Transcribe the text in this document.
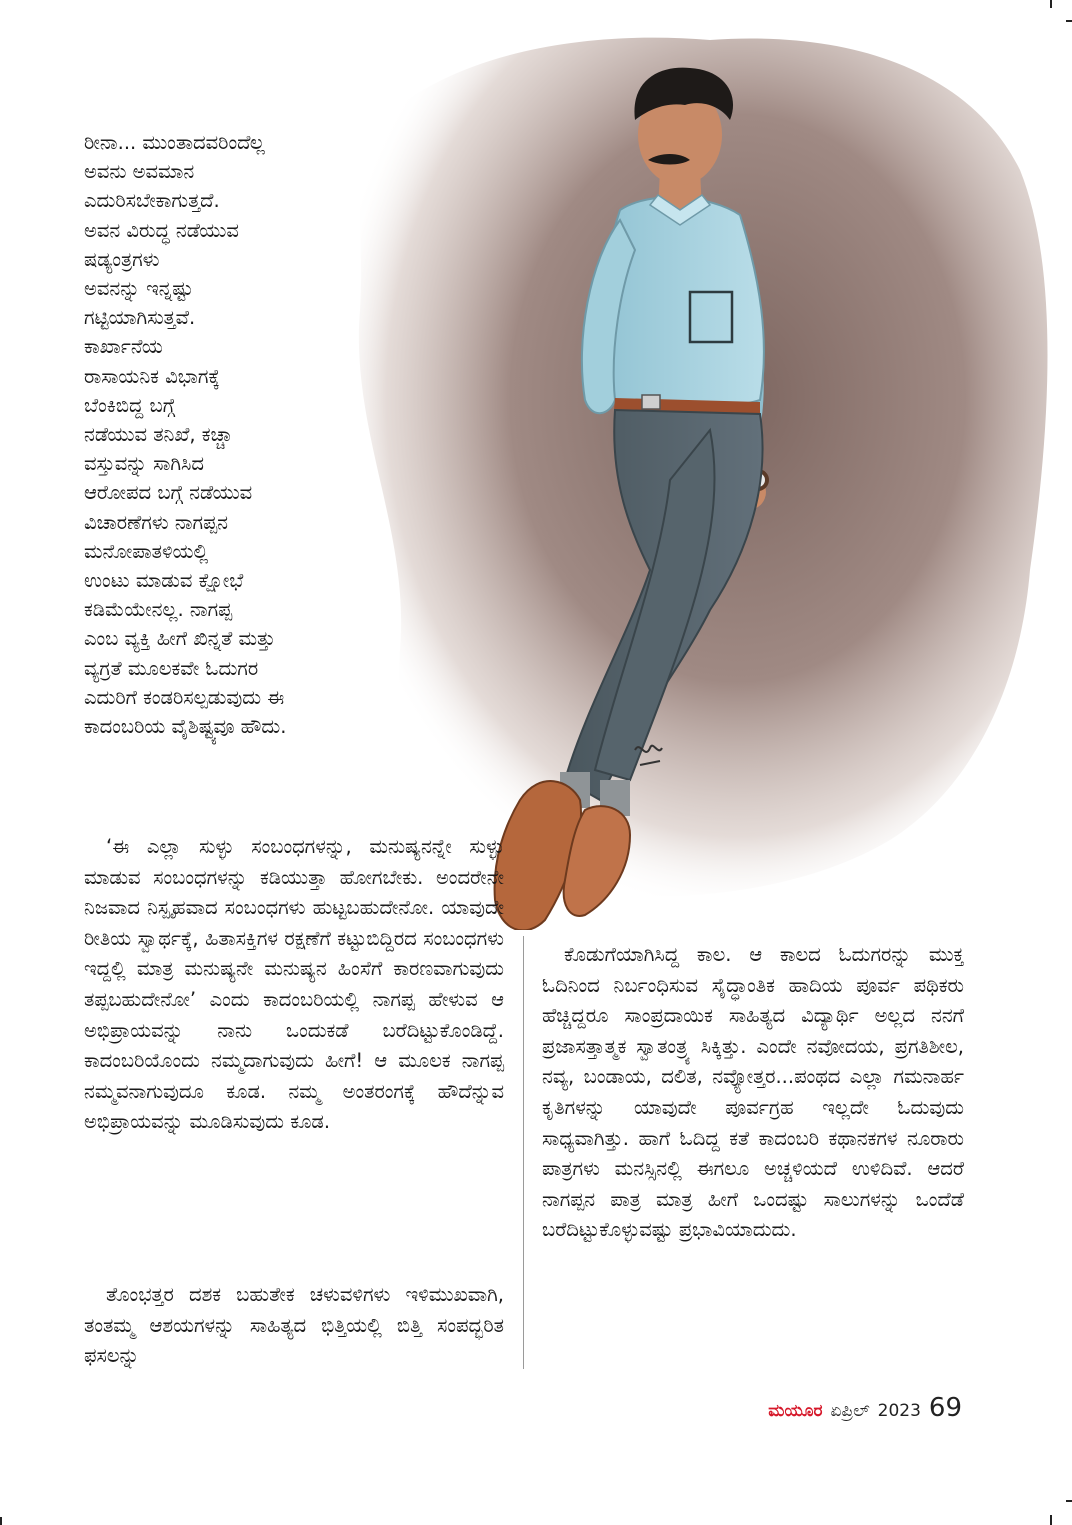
ರೀನಾ... ಮುಂತಾದವರಿಂದೆಲ್ಲ
ಅವನು ಅವಮಾನ
ಎದುರಿಸಬೇಕಾಗುತ್ತದೆ.
ಅವನ ವಿರುದ್ಧ ನಡೆಯುವ
ಷಡ್ಯಂತ್ರಗಳು
ಅವನನ್ನು ಇನ್ನಷ್ಟು
ಗಟ್ಟಿಯಾಗಿಸುತ್ತವೆ.
ಕಾರ್ಖಾನೆಯ
ರಾಸಾಯನಿಕ ವಿಭಾಗಕ್ಕೆ
ಬೆಂಕಿಬಿದ್ದ ಬಗ್ಗೆ
ನಡೆಯುವ ತನಿಖೆ, ಕಚ್ಚಾ
ವಸ್ತುವನ್ನು ಸಾಗಿಸಿದ
ಆರೋಪದ ಬಗ್ಗೆ ನಡೆಯುವ
ವಿಚಾರಣೆಗಳು ನಾಗಪ್ಪನ
ಮನೋಪಾತಳಿಯಲ್ಲಿ
ಉಂಟು ಮಾಡುವ ಕ್ಷೋಭೆ
ಕಡಿಮೆಯೇನಲ್ಲ. ನಾಗಪ್ಪ
ಎಂಬ ವ್ಯಕ್ತಿ ಹೀಗೆ ಖಿನ್ನತೆ ಮತ್ತು
ವ್ಯಗ್ರತೆ ಮೂಲಕವೇ ಓದುಗರ
ಎದುರಿಗೆ ಕಂಡರಿಸಲ್ಪಡುವುದು ಈ
ಕಾದಂಬರಿಯ ವೈಶಿಷ್ಟ್ಯವೂ ಹೌದು.
‘ಈ ಎಲ್ಲಾ ಸುಳ್ಳು ಸಂಬಂಧಗಳನ್ನು, ಮನುಷ್ಯನನ್ನೇ ಸುಳ್ಳು ಮಾಡುವ ಸಂಬಂಧಗಳನ್ನು ಕಡಿಯುತ್ತಾ ಹೋಗಬೇಕು. ಅಂದರೇನೇ ನಿಜವಾದ ನಿಸ್ಪೃಹವಾದ ಸಂಬಂಧಗಳು ಹುಟ್ಟಬಹುದೇನೋ. ಯಾವುದೇ ರೀತಿಯ ಸ್ವಾರ್ಥಕ್ಕೆ, ಹಿತಾಸಕ್ತಿಗಳ ರಕ್ಷಣೆಗೆ ಕಟ್ಟುಬಿದ್ದಿರದ ಸಂಬಂಧಗಳು ಇದ್ದಲ್ಲಿ ಮಾತ್ರ ಮನುಷ್ಯನೇ ಮನುಷ್ಯನ ಹಿಂಸೆಗೆ ಕಾರಣವಾಗುವುದು ತಪ್ಪಬಹುದೇನೋ’ ಎಂದು ಕಾದಂಬರಿಯಲ್ಲಿ ನಾಗಪ್ಪ ಹೇಳುವ ಆ ಅಭಿಪ್ರಾಯವನ್ನು ನಾನು ಒಂದುಕಡೆ ಬರೆದಿಟ್ಟುಕೊಂಡಿದ್ದೆ. ಕಾದಂಬರಿಯೊಂದು ನಮ್ಮದಾಗುವುದು ಹೀಗೆ! ಆ ಮೂಲಕ ನಾಗಪ್ಪ ನಮ್ಮವನಾಗುವುದೂ ಕೂಡ. ನಮ್ಮ ಅಂತರಂಗಕ್ಕೆ ಹೌದೆನ್ನುವ ಅಭಿಪ್ರಾಯವನ್ನು ಮೂಡಿಸುವುದು ಕೂಡ.
ತೊಂಭತ್ತರ ದಶಕ ಬಹುತೇಕ ಚಳುವಳಿಗಳು ಇಳಿಮುಖವಾಗಿ, ತಂತಮ್ಮ ಆಶಯಗಳನ್ನು ಸಾಹಿತ್ಯದ ಭಿತ್ತಿಯಲ್ಲಿ ಬಿತ್ತಿ ಸಂಪದ್ಭರಿತ ಫಸಲನ್ನು
ಕೊಡುಗೆಯಾಗಿಸಿದ್ದ ಕಾಲ. ಆ ಕಾಲದ ಓದುಗರನ್ನು ಮುಕ್ತ ಓದಿನಿಂದ ನಿರ್ಬಂಧಿಸುವ ಸೈದ್ಧಾಂತಿಕ ಹಾದಿಯ ಪೂರ್ವ ಪಥಿಕರು ಹೆಚ್ಚಿದ್ದರೂ ಸಾಂಪ್ರದಾಯಿಕ ಸಾಹಿತ್ಯದ ವಿದ್ಯಾರ್ಥಿ ಅಲ್ಲದ ನನಗೆ ಪ್ರಜಾಸತ್ತಾತ್ಮಕ ಸ್ವಾತಂತ್ರ್ಯ ಸಿಕ್ಕಿತ್ತು. ಎಂದೇ ನವೋದಯ, ಪ್ರಗತಿಶೀಲ, ನವ್ಯ, ಬಂಡಾಯ, ದಲಿತ, ನವ್ಯೋತ್ತರ...ಪಂಥದ ಎಲ್ಲಾ ಗಮನಾರ್ಹ ಕೃತಿಗಳನ್ನು ಯಾವುದೇ ಪೂರ್ವಗ್ರಹ ಇಲ್ಲದೇ ಓದುವುದು ಸಾಧ್ಯವಾಗಿತ್ತು. ಹಾಗೆ ಓದಿದ್ದ ಕತೆ ಕಾದಂಬರಿ ಕಥಾನಕಗಳ ನೂರಾರು ಪಾತ್ರಗಳು ಮನಸ್ಸಿನಲ್ಲಿ ಈಗಲೂ ಅಚ್ಚಳಿಯದೆ ಉಳಿದಿವೆ. ಆದರೆ ನಾಗಪ್ಪನ ಪಾತ್ರ ಮಾತ್ರ ಹೀಗೆ ಒಂದಷ್ಟು ಸಾಲುಗಳನ್ನು ಒಂದೆಡೆ ಬರೆದಿಟ್ಟುಕೊಳ್ಳುವಷ್ಟು ಪ್ರಭಾವಿಯಾದುದು.
ಮಯೂರ ಏಪ್ರಿಲ್ 2023 69
